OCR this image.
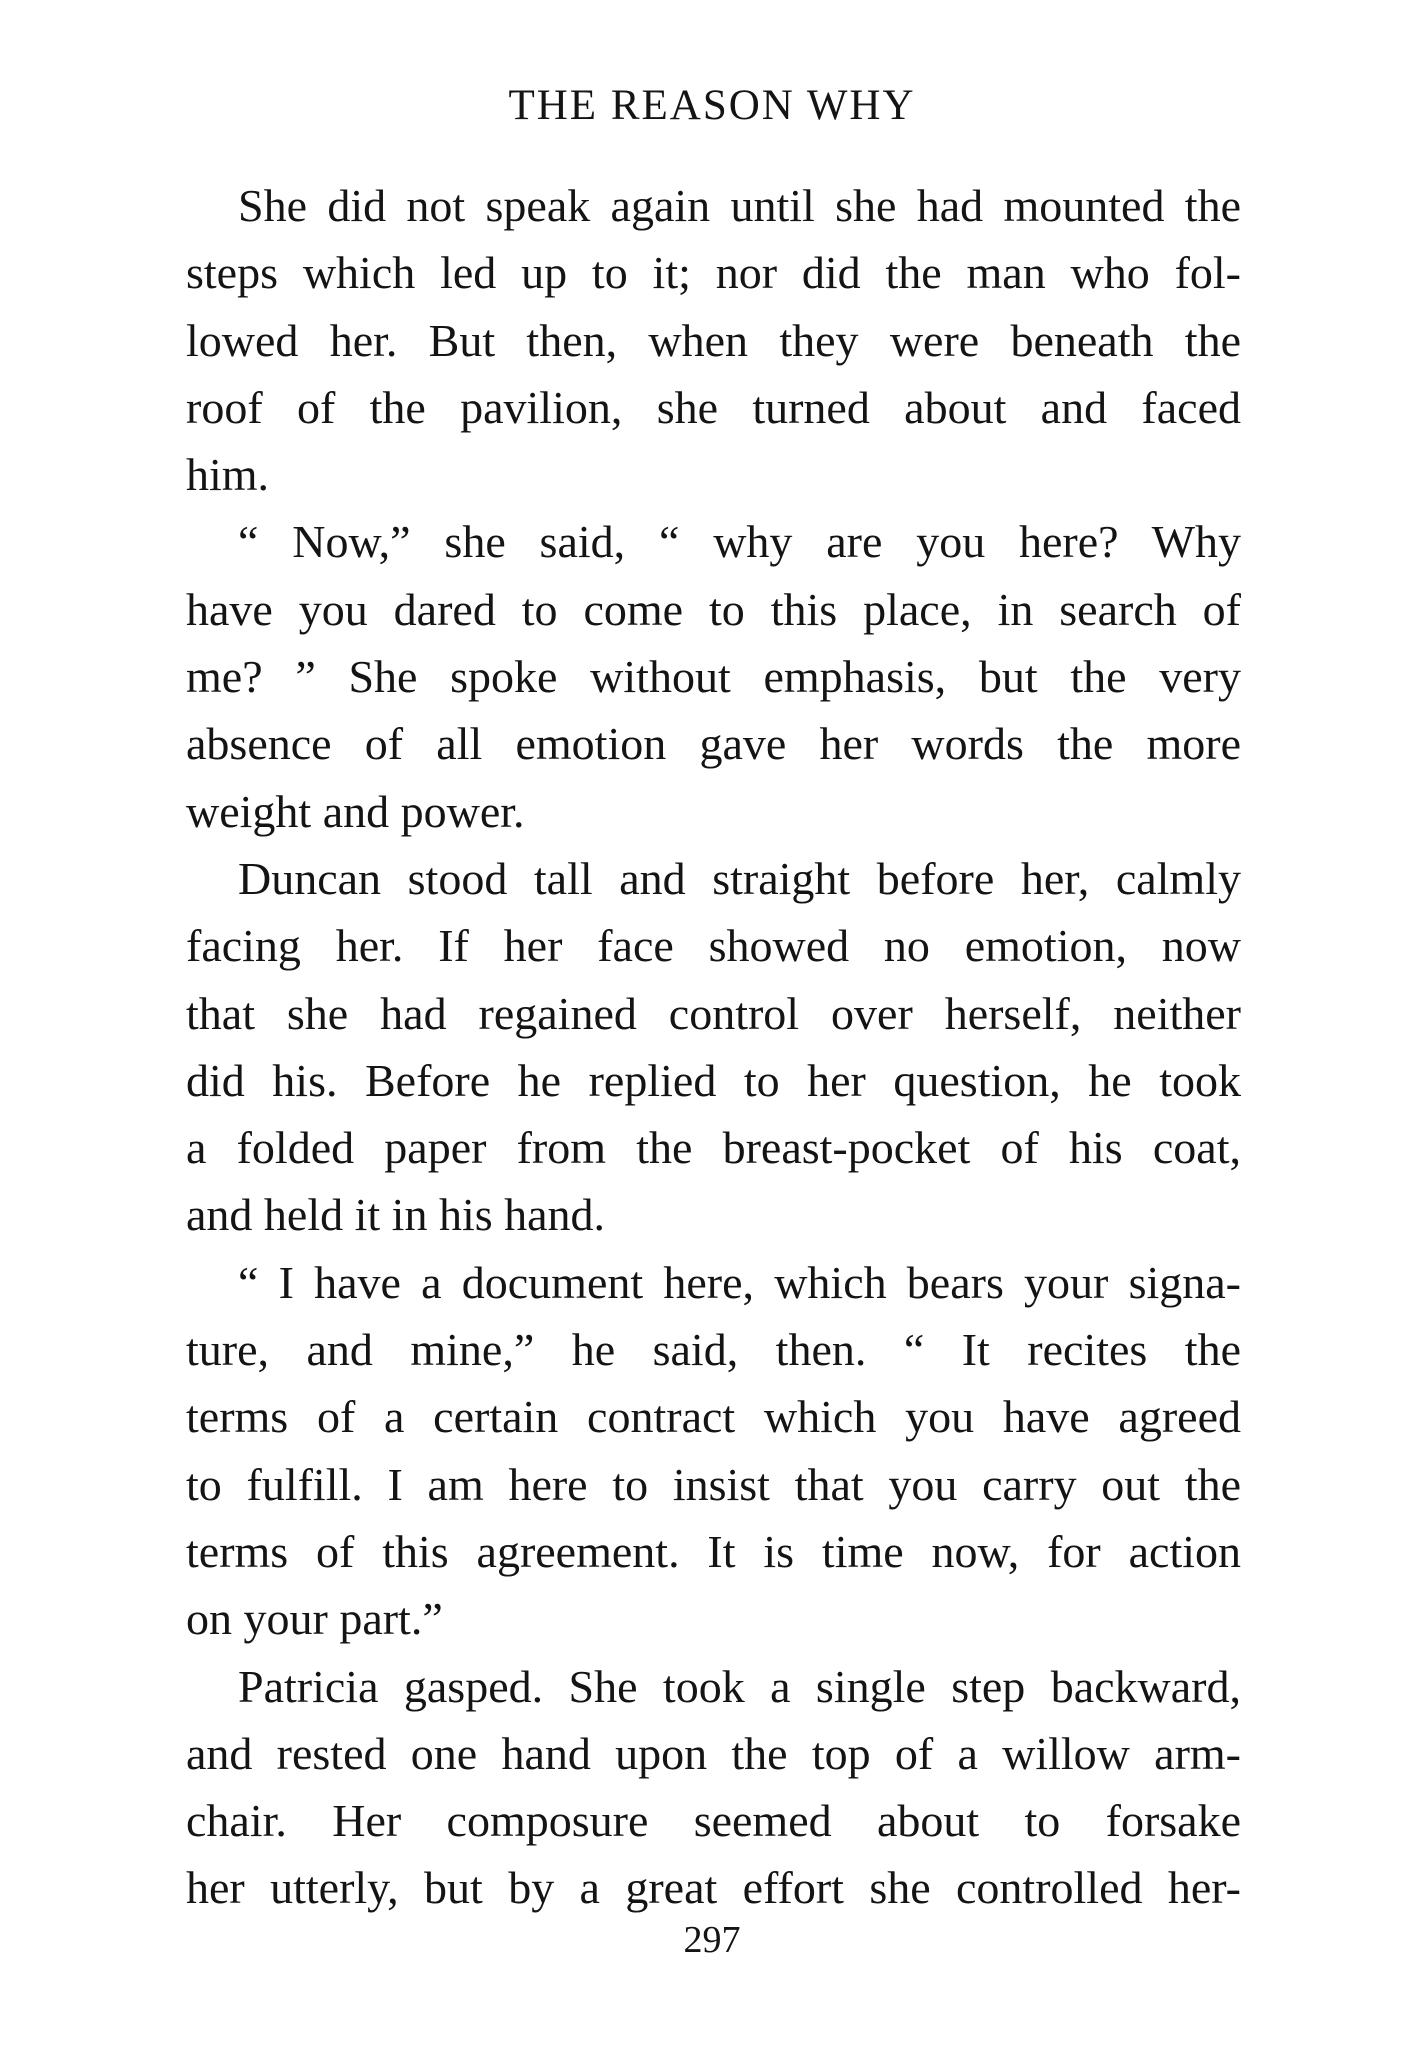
THE REASON WHY
She did not speak again until she had mounted the
steps which led up to it; nor did the man who fol-
lowed her. But then, when they were beneath the
roof of the pavilion, she turned about and faced
him.
“ Now,” she said, “ why are you here? Why
have you dared to come to this place, in search of
me? ” She spoke without emphasis, but the very
absence of all emotion gave her words the more
weight and power.
Duncan stood tall and straight before her, calmly
facing her. If her face showed no emotion, now
that she had regained control over herself, neither
did his. Before he replied to her question, he took
a folded paper from the breast-pocket of his coat,
and held it in his hand.
“ I have a document here, which bears your signa-
ture, and mine,” he said, then. “ It recites the
terms of a certain contract which you have agreed
to fulfill. I am here to insist that you carry out the
terms of this agreement. It is time now, for action
on your part.”
Patricia gasped. She took a single step backward,
and rested one hand upon the top of a willow arm-
chair. Her composure seemed about to forsake
her utterly, but by a great effort she controlled her-
297
